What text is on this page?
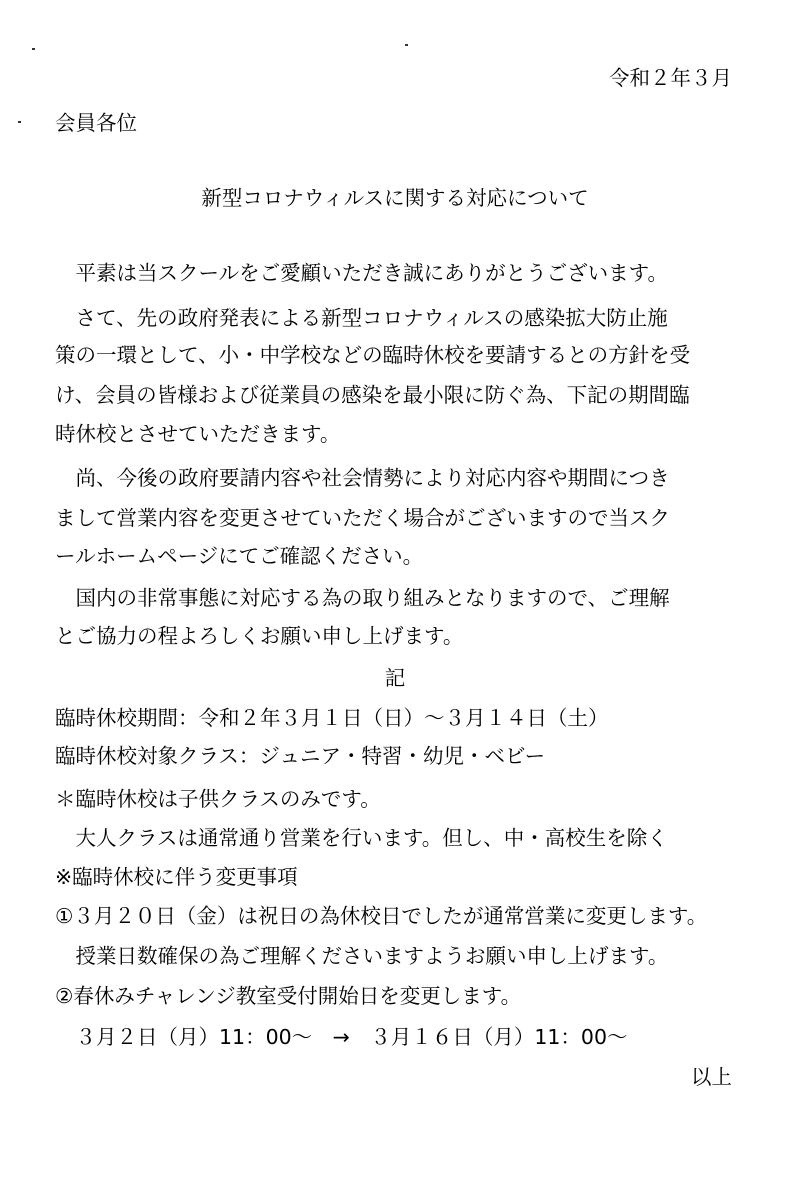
令和２年３月
会員各位
新型コロナウィルスに関する対応について
　平素は当スクールをご愛顧いただき誠にありがとうございます。
　さて、先の政府発表による新型コロナウィルスの感染拡大防止施
策の一環として、小・中学校などの臨時休校を要請するとの方針を受
け、会員の皆様および従業員の感染を最小限に防ぐ為、下記の期間臨
時休校とさせていただきます。
　尚、今後の政府要請内容や社会情勢により対応内容や期間につき
まして営業内容を変更させていただく場合がございますので当スク
ールホームページにてご確認ください。
　国内の非常事態に対応する為の取り組みとなりますので、ご理解
とご協力の程よろしくお願い申し上げます。
記
臨時休校期間：令和２年３月１日（日）～３月１４日（土）
臨時休校対象クラス：ジュニア・特習・幼児・ベビー
＊臨時休校は子供クラスのみです。
　大人クラスは通常通り営業を行います。但し、中・高校生を除く
※臨時休校に伴う変更事項
①３月２０日（金）は祝日の為休校日でしたが通常営業に変更します。
　授業日数確保の為ご理解くださいますようお願い申し上げます。
②春休みチャレンジ教室受付開始日を変更します。
　３月２日（月）11：00～　→　３月１６日（月）11：00～
以上
